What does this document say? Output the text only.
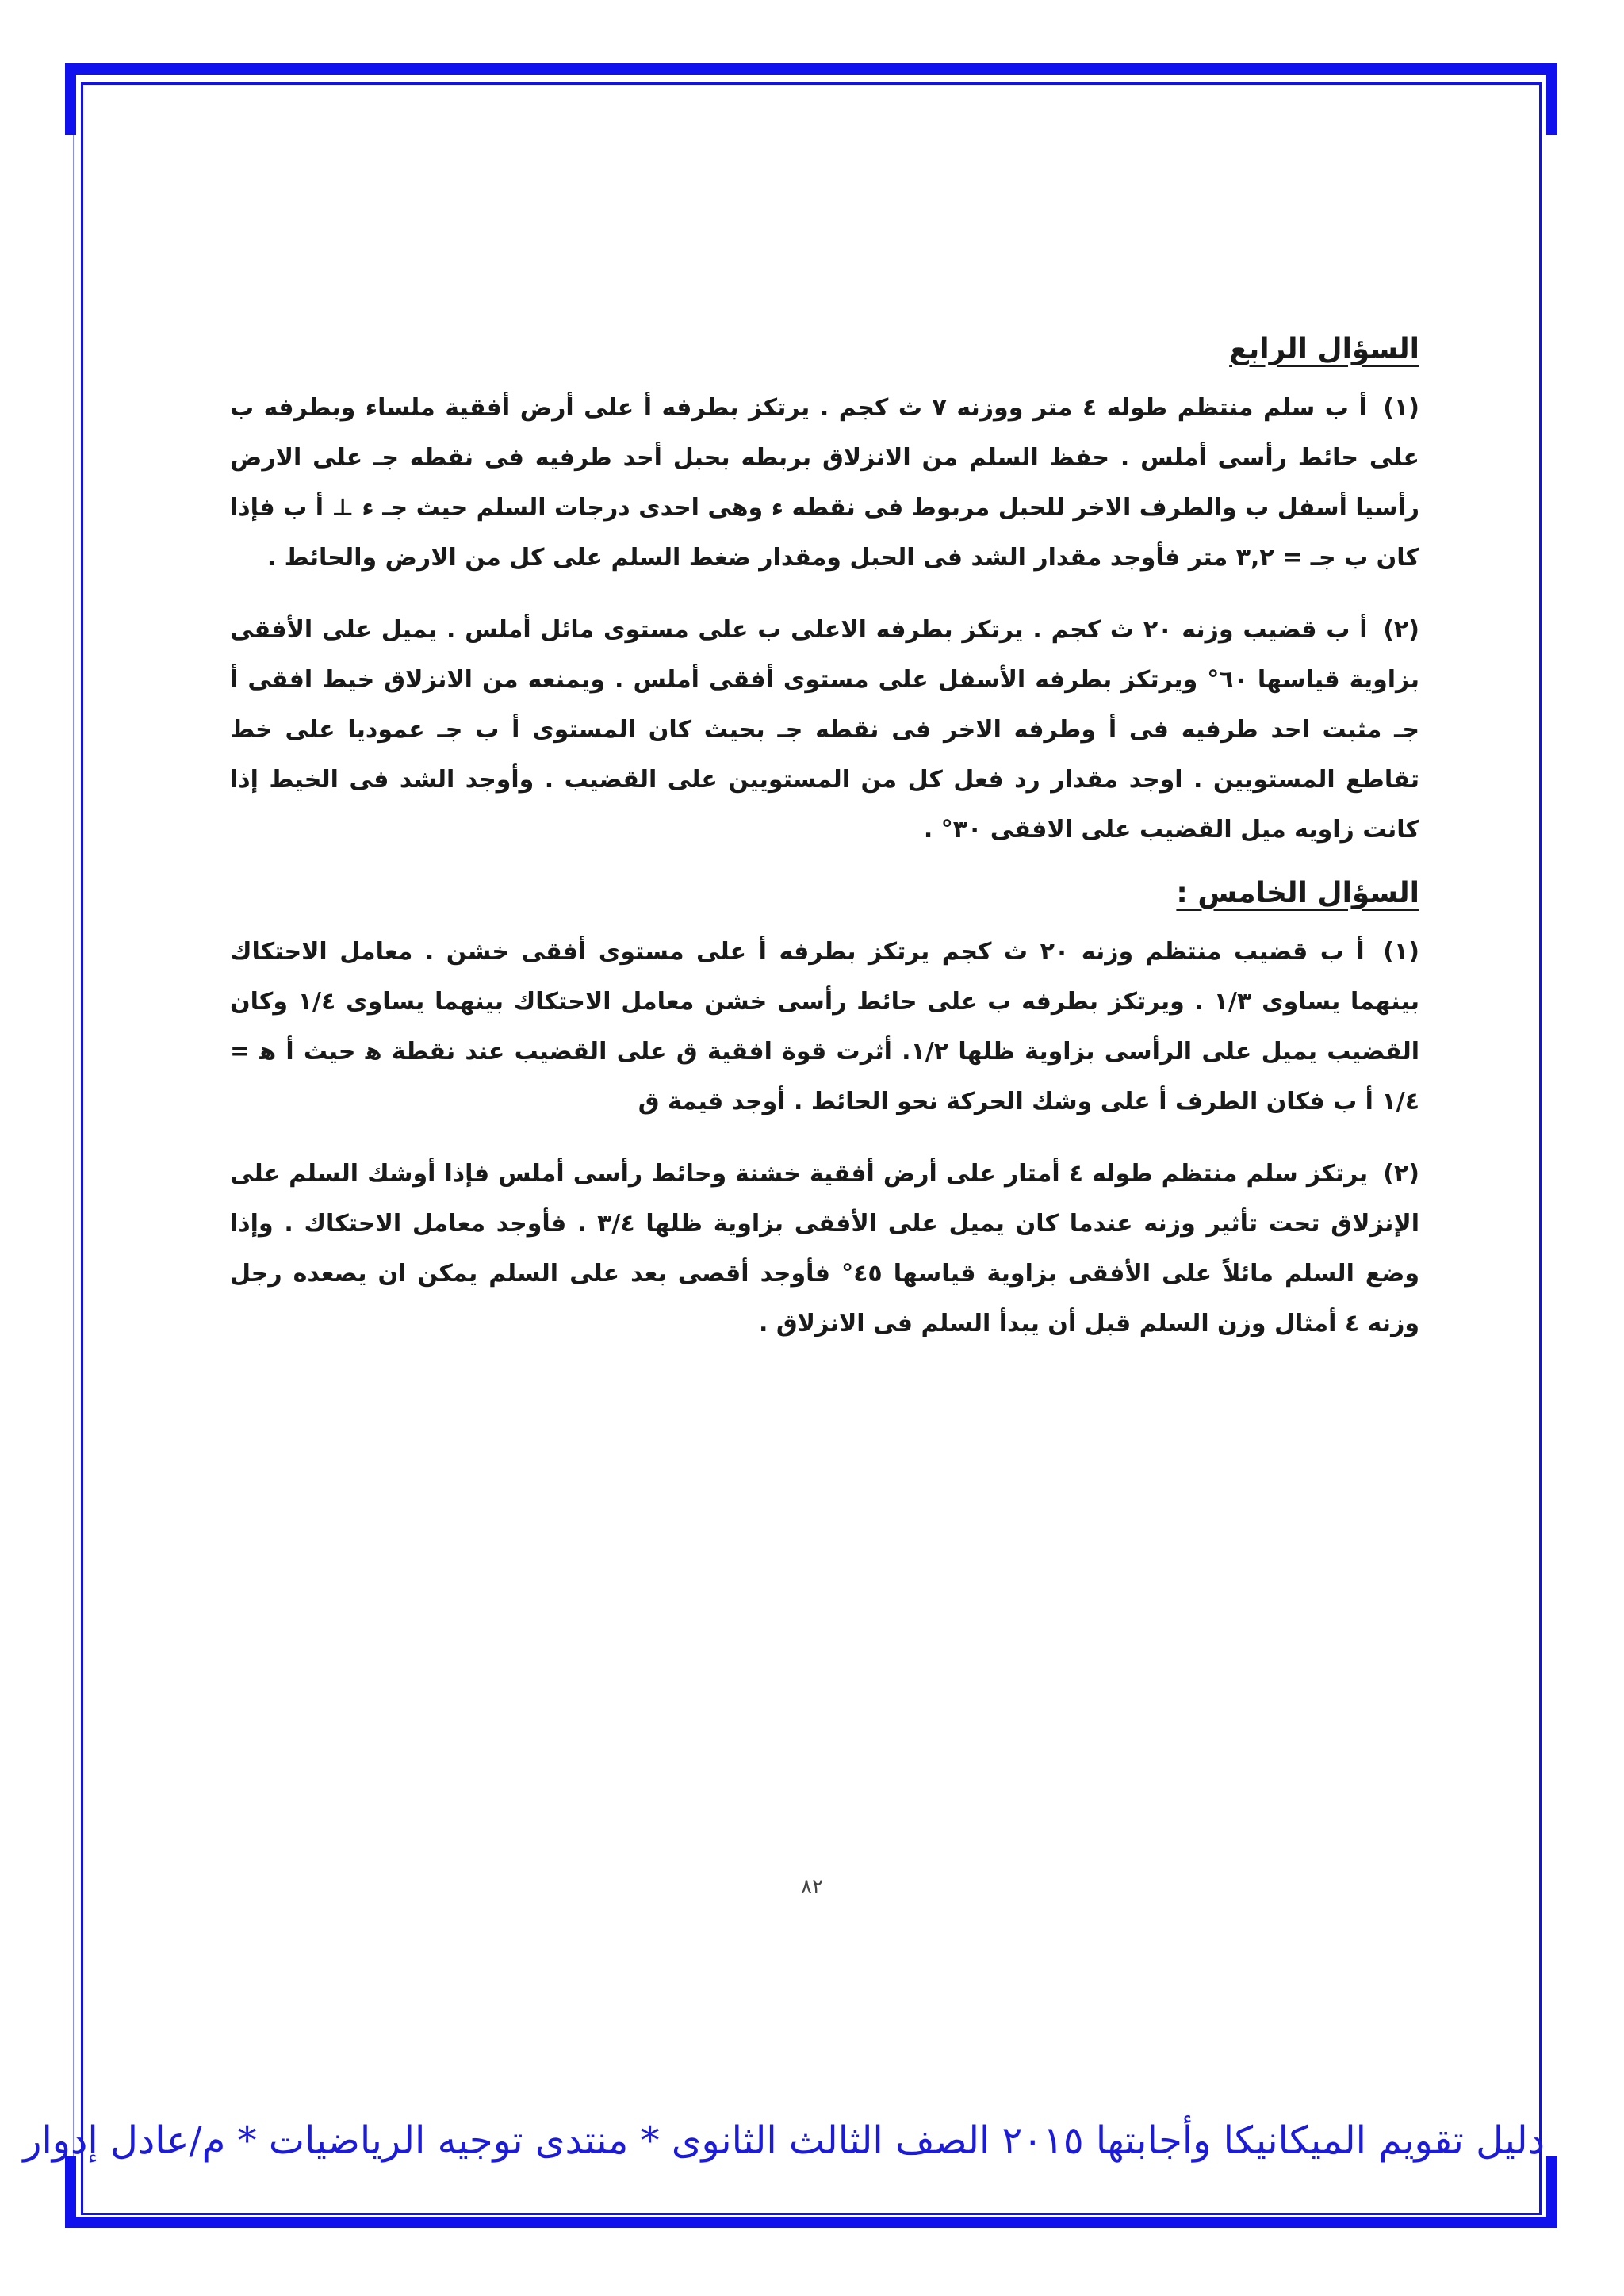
السؤال الرابع

(١) أ ب سلم منتظم طوله ٤ متر ووزنه ٧ ث كجم . يرتكز بطرفه أ على أرض أفقية ملساء وبطرفه ب على حائط رأسى أملس . حفظ السلم من الانزلاق بربطه بحبل أحد طرفيه فى نقطه جـ على الارض رأسيا أسفل ب والطرف الاخر للحبل مربوط فى نقطه ء وهى احدى درجات السلم حيث جـ ء ⊥ أ ب فإذا كان ب جـ = ٣,٢ متر فأوجد مقدار الشد فى الحبل ومقدار ضغط السلم على كل من الارض والحائط .

(٢) أ ب قضيب وزنه ٢٠ ث كجم . يرتكز بطرفه الاعلى ب على مستوى مائل أملس . يميل على الأفقى بزاوية قياسها ٦٠° ويرتكز بطرفه الأسفل على مستوى أفقى أملس . ويمنعه من الانزلاق خيط افقى أ جـ مثبت احد طرفيه فى أ وطرفه الاخر فى نقطه جـ بحيث كان المستوى أ ب جـ عموديا على خط تقاطع المستويين . اوجد مقدار رد فعل كل من المستويين على القضيب . وأوجد الشد فى الخيط إذا كانت زاويه ميل القضيب على الافقى ٣٠° .

السؤال الخامس :

(١) أ ب قضيب منتظم وزنه ٢٠ ث كجم يرتكز بطرفه أ على مستوى أفقى خشن . معامل الاحتكاك بينهما يساوى ١/٣ . ويرتكز بطرفه ب على حائط رأسى خشن معامل الاحتكاك بينهما يساوى ١/٤ وكان القضيب يميل على الرأسى بزاوية ظلها ١/٢. أثرت قوة افقية ق على القضيب عند نقطة ﻫ حيث أ ﻫ = ١/٤ أ ب فكان الطرف أ على وشك الحركة نحو الحائط . أوجد قيمة ق

(٢) يرتكز سلم منتظم طوله ٤ أمتار على أرض أفقية خشنة وحائط رأسى أملس فإذا أوشك السلم على الإنزلاق تحت تأثير وزنه عندما كان يميل على الأفقى بزاوية ظلها ٣/٤ . فأوجد معامل الاحتكاك . وإذا وضع السلم مائلاً على الأفقى بزاوية قياسها ٤٥° فأوجد أقصى بعد على السلم يمكن ان يصعده رجل وزنه ٤ أمثال وزن السلم قبل أن يبدأ السلم فى الانزلاق .

٨٢
دليل تقويم الميكانيكا وأجابتها ٢٠١٥ الصف الثالث الثانوى * منتدى توجيه الرياضيات * م/عادل إدوار
